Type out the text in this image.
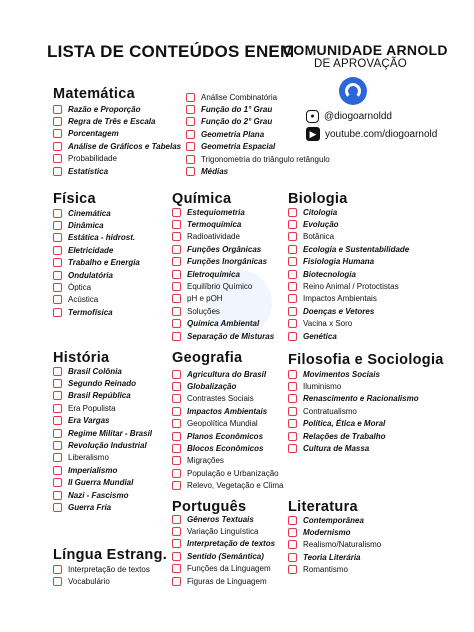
LISTA DE CONTEÚDOS ENEM
COMUNIDADE ARNOLD
DE APROVAÇÃO
● @diogoarnoldd
▶ youtube.com/diogoarnold
Matemática
Razão e Proporção
Regra de Três e Escala
Porcentagem
Análise de Gráficos e Tabelas
Probabilidade
Estatística
Análise Combinatória
Função do 1° Grau
Função do 2° Grau
Geometria Plana
Geometria Espacial
Trigonometria do triângulo retângulo
Médias
Física
Cinemática
Dinâmica
Estática - hidrost.
Eletricidade
Trabalho e Energia
Ondulatória
Óptica
Acústica
Termofísica
Química
Estequiometria
Termoquímica
Radioatividade
Funções Orgânicas
Funções Inorgânicas
Eletroquímica
Equilíbrio Químico
pH e pOH
Soluções
Química Ambiental
Separação de Misturas
Biologia
Citologia
Evolução
Botânica
Ecologia e Sustentabilidade
Fisiologia Humana
Biotecnologia
Reino Animal / Protoctistas
Impactos Ambientais
Doenças e Vetores
Vacina x Soro
Genética
História
Brasil Colônia
Segundo Reinado
Brasil República
Era Populista
Era Vargas
Regime Militar - Brasil
Revolução Industrial
Liberalismo
Imperialismo
II Guerra Mundial
Nazi - Fascismo
Guerra Fria
Geografia
Agricultura do Brasil
Globalização
Contrastes Sociais
Impactos Ambientais
Geopolítica Mundial
Planos Econômicos
Blocos Econômicos
Migrações
População e Urbanização
Relevo, Vegetação e Clima
Filosofia e Sociologia
Movimentos Sociais
Iluminismo
Renascimento e Racionalismo
Contratualismo
Política, Ética e Moral
Relações de Trabalho
Cultura de Massa
Português
Gêneros Textuais
Variação Linguística
Interpretação de textos
Sentido (Semântica)
Funções da Linguagem
Figuras de Linguagem
Literatura
Contemporânea
Modernismo
Realismo/Naturalismo
Teoria Literária
Romantismo
Língua Estrang.
Interpretação de textos
Vocabulário
